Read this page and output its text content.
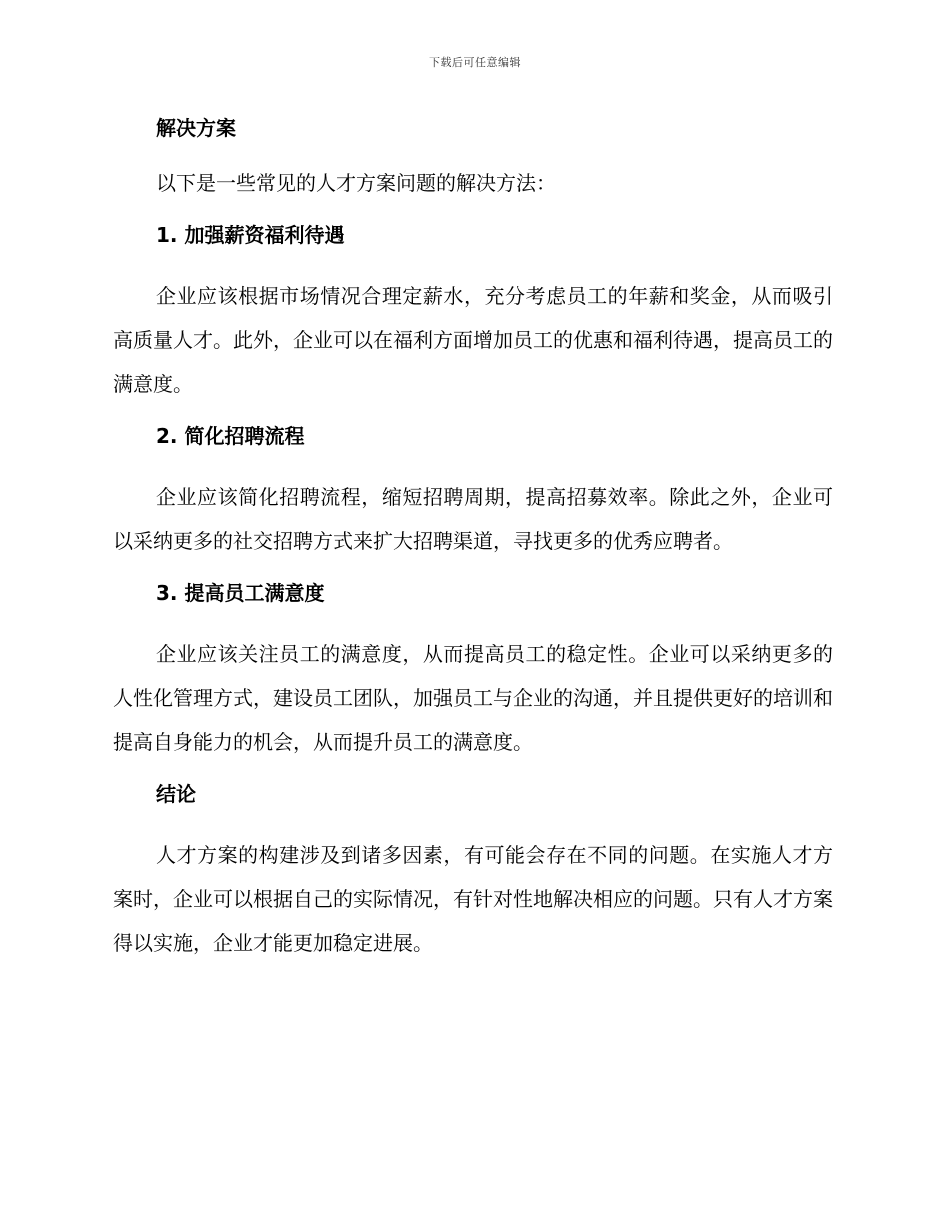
下载后可任意编辑
解决方案
以下是一些常见的人才方案问题的解决方法：
1. 加强薪资福利待遇
企业应该根据市场情况合理定薪水，充分考虑员工的年薪和奖金，从而吸引高质量人才。此外，企业可以在福利方面增加员工的优惠和福利待遇，提高员工的满意度。
2. 简化招聘流程
企业应该简化招聘流程，缩短招聘周期，提高招募效率。除此之外，企业可以采纳更多的社交招聘方式来扩大招聘渠道，寻找更多的优秀应聘者。
3. 提高员工满意度
企业应该关注员工的满意度，从而提高员工的稳定性。企业可以采纳更多的人性化管理方式，建设员工团队，加强员工与企业的沟通，并且提供更好的培训和提高自身能力的机会，从而提升员工的满意度。
结论
人才方案的构建涉及到诸多因素，有可能会存在不同的问题。在实施人才方案时，企业可以根据自己的实际情况，有针对性地解决相应的问题。只有人才方案得以实施，企业才能更加稳定进展。
